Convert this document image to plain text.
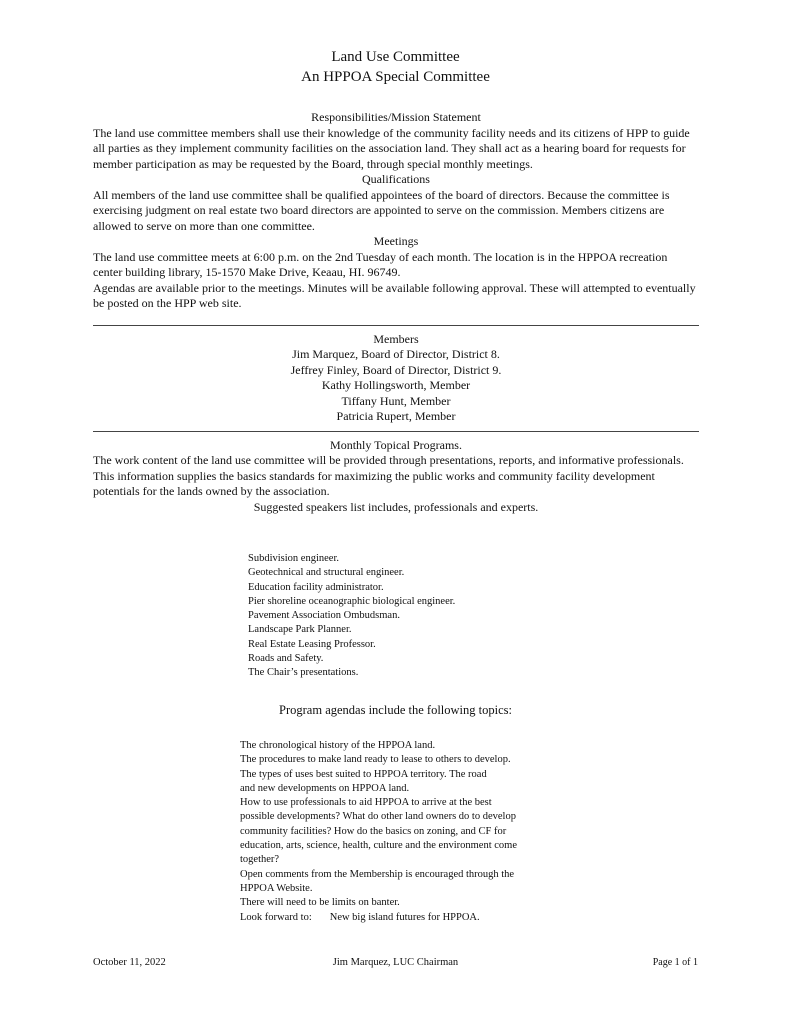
Land Use Committee
An HPPOA Special Committee
Responsibilities/Mission Statement

The land use committee members shall use their knowledge of the community facility needs and its citizens of HPP to guide all parties as they implement community facilities on the association land. They shall act as a hearing board for requests for member participation as may be requested by the Board, through special monthly meetings.

Qualifications

All members of the land use committee shall be qualified appointees of the board of directors. Because the committee is exercising judgment on real estate two board directors are appointed to serve on the commission. Members citizens are allowed to serve on more than one committee.

Meetings

The land use committee meets at 6:00 p.m. on the 2nd Tuesday of each month. The location is in the HPPOA recreation center building library, 15-1570 Make Drive, Keaau, HI. 96749.

Agendas are available prior to the meetings. Minutes will be available following approval. These will attempted to eventually be posted on the HPP web site.

Members
Jim Marquez, Board of Director, District 8.
Jeffrey Finley, Board of Director, District 9.
Kathy Hollingsworth, Member
Tiffany Hunt, Member
Patricia Rupert, Member
Monthly Topical Programs.

The work content of the land use committee will be provided through presentations, reports, and informative professionals. This information supplies the basics standards for maximizing the public works and community facility development potentials for the lands owned by the association.

Suggested speakers list includes, professionals and experts.
Subdivision engineer.
Geotechnical and structural engineer.
Education facility administrator.
Pier shoreline oceanographic biological engineer.
Pavement Association Ombudsman.
Landscape Park Planner.
Real Estate Leasing Professor.
Roads and Safety.
The Chair’s presentations.
Program agendas include the following topics:
The chronological history of the HPPOA land.
The procedures to make land ready to lease to others to develop.
The types of uses best suited to HPPOA territory. The road
and new developments on HPPOA land.
How to use professionals to aid HPPOA to arrive at the best
possible developments? What do other land owners do to develop
community facilities? How do the basics on zoning, and CF for
education, arts, science, health, culture and the environment come
together?
Open comments from the Membership is encouraged through the
HPPOA Website.
There will need to be limits on banter.
Look forward to: New big island futures for HPPOA.
October 11, 2022	Jim Marquez, LUC Chairman	Page 1 of 1
